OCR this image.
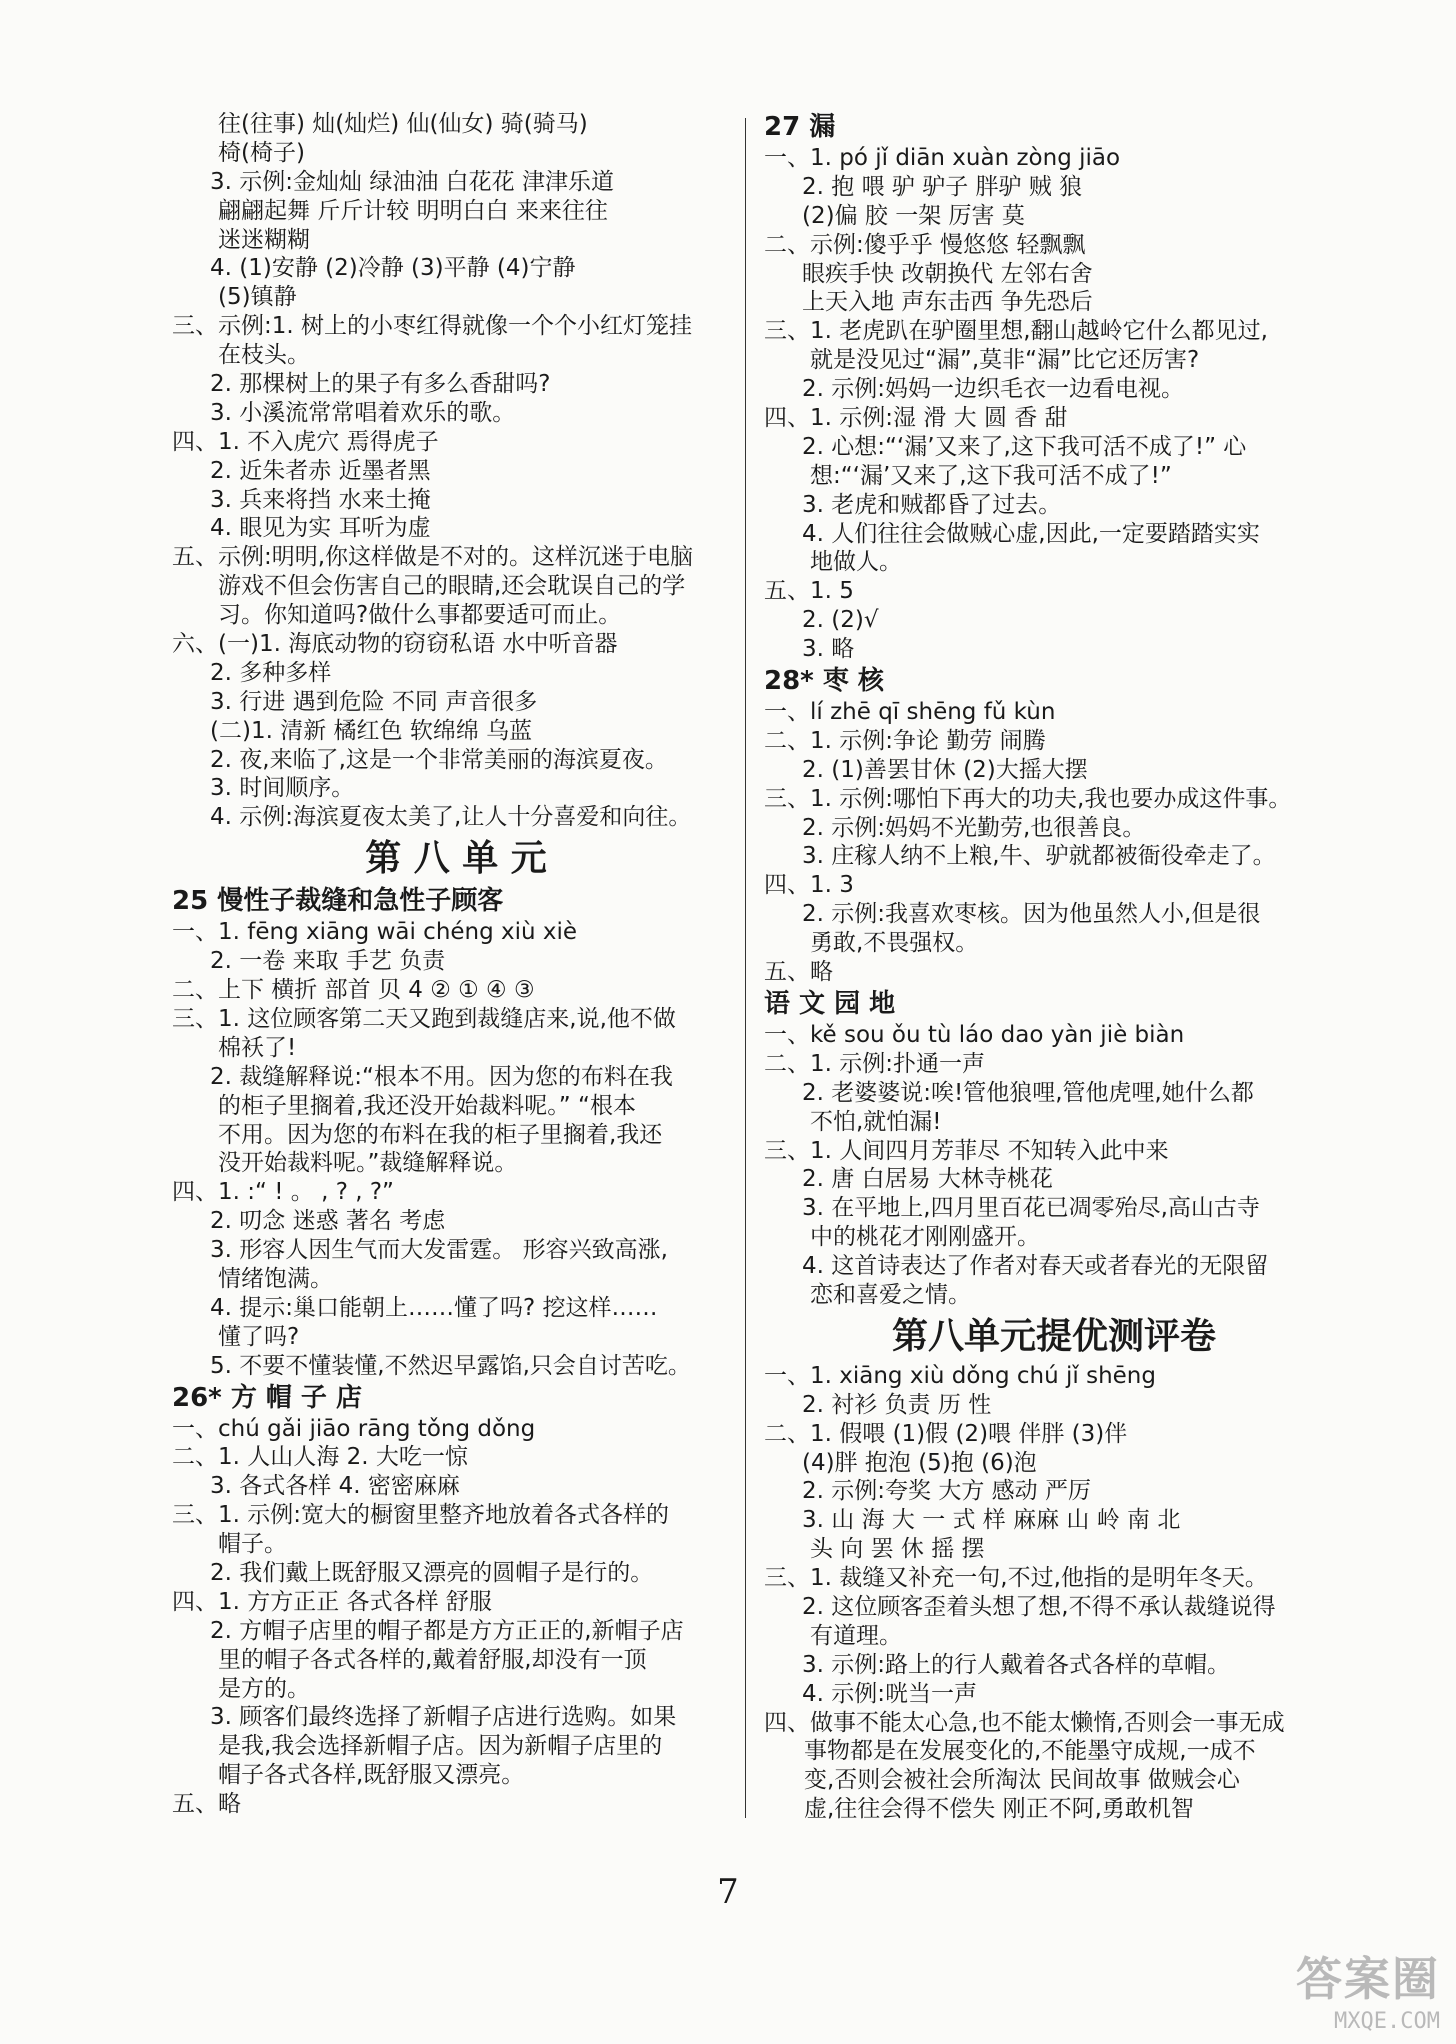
往(往事) 灿(灿烂) 仙(仙女) 骑(骑马)
椅(椅子)
3. 示例:金灿灿 绿油油 白花花 津津乐道
翩翩起舞 斤斤计较 明明白白 来来往往
迷迷糊糊
4. (1)安静 (2)冷静 (3)平静 (4)宁静
(5)镇静
三、示例:1. 树上的小枣红得就像一个个小红灯笼挂
在枝头。
2. 那棵树上的果子有多么香甜吗?
3. 小溪流常常唱着欢乐的歌。
四、1. 不入虎穴 焉得虎子
2. 近朱者赤 近墨者黑
3. 兵来将挡 水来土掩
4. 眼见为实 耳听为虚
五、示例:明明,你这样做是不对的。这样沉迷于电脑
游戏不但会伤害自己的眼睛,还会耽误自己的学
习。你知道吗?做什么事都要适可而止。
六、(一)1. 海底动物的窃窃私语 水中听音器
2. 多种多样
3. 行进 遇到危险 不同 声音很多
(二)1. 清新 橘红色 软绵绵 乌蓝
2. 夜,来临了,这是一个非常美丽的海滨夏夜。
3. 时间顺序。
4. 示例:海滨夏夜太美了,让人十分喜爱和向往。
第 八 单 元
25 慢性子裁缝和急性子顾客
一、1. fēng xiāng wāi chéng xiù xiè
2. 一卷 来取 手艺 负责
二、上下 横折 部首 贝 4 ② ① ④ ③
三、1. 这位顾客第二天又跑到裁缝店来,说,他不做
棉袄了!
2. 裁缝解释说:“根本不用。因为您的布料在我
的柜子里搁着,我还没开始裁料呢。” “根本
不用。因为您的布料在我的柜子里搁着,我还
没开始裁料呢。”裁缝解释说。
四、1. :“ ! 。 , ? , ?”
2. 叨念 迷惑 著名 考虑
3. 形容人因生气而大发雷霆。 形容兴致高涨,
情绪饱满。
4. 提示:巢口能朝上……懂了吗? 挖这样……
懂了吗?
5. 不要不懂装懂,不然迟早露馅,只会自讨苦吃。
26* 方 帽 子 店
一、chú gǎi jiāo rāng tǒng dǒng
二、1. 人山人海 2. 大吃一惊
3. 各式各样 4. 密密麻麻
三、1. 示例:宽大的橱窗里整齐地放着各式各样的
帽子。
2. 我们戴上既舒服又漂亮的圆帽子是行的。
四、1. 方方正正 各式各样 舒服
2. 方帽子店里的帽子都是方方正正的,新帽子店
里的帽子各式各样的,戴着舒服,却没有一顶
是方的。
3. 顾客们最终选择了新帽子店进行选购。如果
是我,我会选择新帽子店。因为新帽子店里的
帽子各式各样,既舒服又漂亮。
五、略
27 漏
一、1. pó jǐ diān xuàn zòng jiāo
2. 抱 喂 驴 驴子 胖驴 贼 狼
(2)偏 胶 一架 厉害 莫
二、示例:傻乎乎 慢悠悠 轻飘飘
眼疾手快 改朝换代 左邻右舍
上天入地 声东击西 争先恐后
三、1. 老虎趴在驴圈里想,翻山越岭它什么都见过,
就是没见过“漏”,莫非“漏”比它还厉害?
2. 示例:妈妈一边织毛衣一边看电视。
四、1. 示例:湿 滑 大 圆 香 甜
2. 心想:“‘漏’又来了,这下我可活不成了!” 心
想:“‘漏’又来了,这下我可活不成了!”
3. 老虎和贼都昏了过去。
4. 人们往往会做贼心虚,因此,一定要踏踏实实
地做人。
五、1. 5
2. (2)√
3. 略
28* 枣 核
一、lí zhē qī shēng fǔ kùn
二、1. 示例:争论 勤劳 闹腾
2. (1)善罢甘休 (2)大摇大摆
三、1. 示例:哪怕下再大的功夫,我也要办成这件事。
2. 示例:妈妈不光勤劳,也很善良。
3. 庄稼人纳不上粮,牛、驴就都被衙役牵走了。
四、1. 3
2. 示例:我喜欢枣核。因为他虽然人小,但是很
勇敢,不畏强权。
五、略
语 文 园 地
一、kě sou ǒu tù láo dao yàn jiè biàn
二、1. 示例:扑通一声
2. 老婆婆说:唉!管他狼哩,管他虎哩,她什么都
不怕,就怕漏!
三、1. 人间四月芳菲尽 不知转入此中来
2. 唐 白居易 大林寺桃花
3. 在平地上,四月里百花已凋零殆尽,高山古寺
中的桃花才刚刚盛开。
4. 这首诗表达了作者对春天或者春光的无限留
恋和喜爱之情。
第八单元提优测评卷
一、1. xiāng xiù dǒng chú jǐ shēng
2. 衬衫 负责 历 性
二、1. 假喂 (1)假 (2)喂 伴胖 (3)伴
(4)胖 抱泡 (5)抱 (6)泡
2. 示例:夸奖 大方 感动 严厉
3. 山 海 大 一 式 样 麻麻 山 岭 南 北
头 向 罢 休 摇 摆
三、1. 裁缝又补充一句,不过,他指的是明年冬天。
2. 这位顾客歪着头想了想,不得不承认裁缝说得
有道理。
3. 示例:路上的行人戴着各式各样的草帽。
4. 示例:咣当一声
四、做事不能太心急,也不能太懒惰,否则会一事无成
事物都是在发展变化的,不能墨守成规,一成不
变,否则会被社会所淘汰 民间故事 做贼会心
虚,往往会得不偿失 刚正不阿,勇敢机智
7
答案圈
MXQE.COM
